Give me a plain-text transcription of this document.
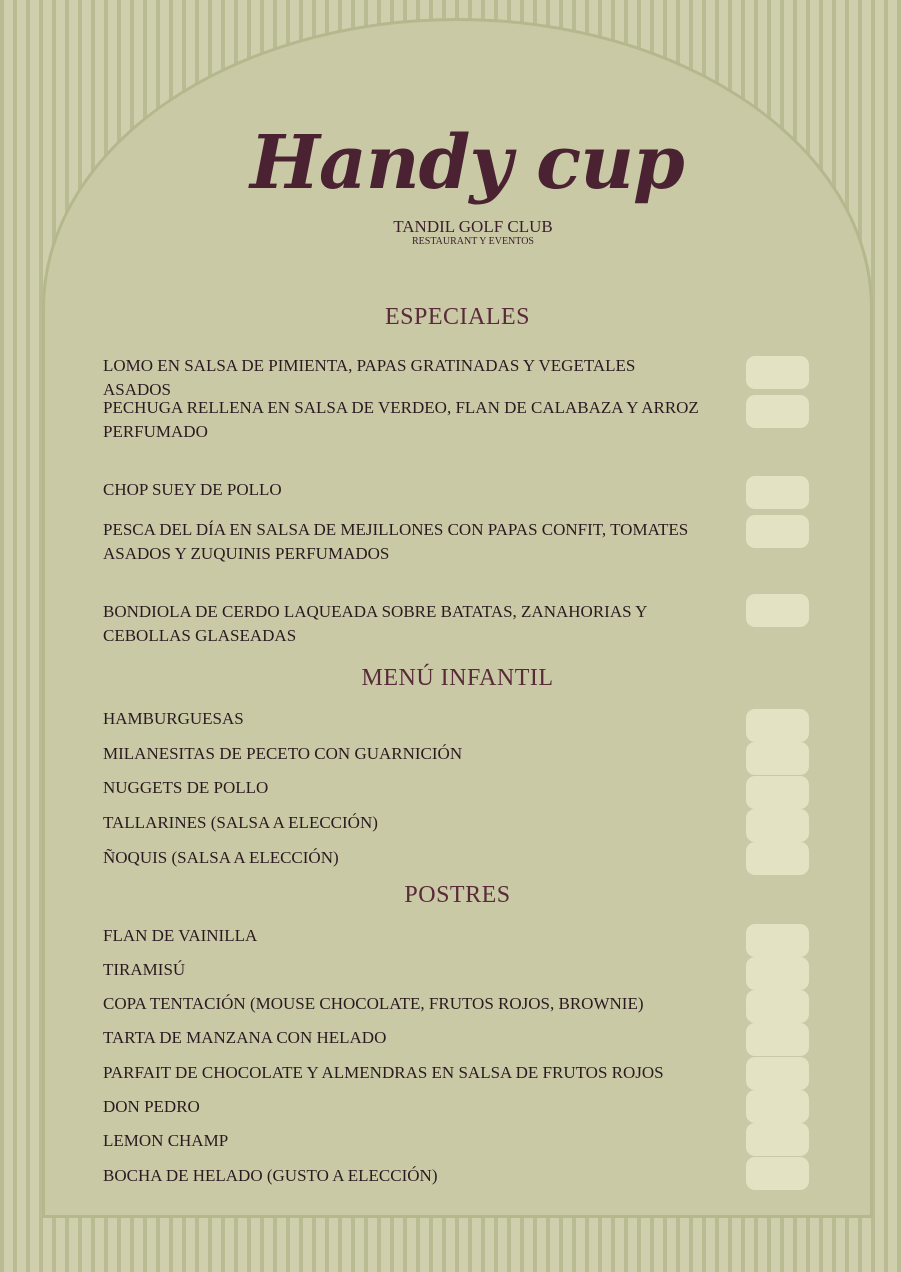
Handy cup
TANDIL GOLF CLUB
RESTAURANT Y EVENTOS
ESPECIALES
LOMO EN SALSA DE PIMIENTA, PAPAS GRATINADAS Y VEGETALES ASADOS
PECHUGA RELLENA EN SALSA DE VERDEO, FLAN DE CALABAZA Y ARROZ PERFUMADO
CHOP SUEY DE POLLO
PESCA DEL DÍA EN SALSA DE MEJILLONES CON PAPAS CONFIT, TOMATES ASADOS Y ZUQUINIS PERFUMADOS
BONDIOLA DE CERDO LAQUEADA SOBRE BATATAS, ZANAHORIAS Y CEBOLLAS GLASEADAS
MENÚ INFANTIL
HAMBURGUESAS
MILANESITAS DE PECETO CON GUARNICIÓN
NUGGETS DE POLLO
TALLARINES (SALSA A ELECCIÓN)
ÑOQUIS (SALSA A ELECCIÓN)
POSTRES
FLAN DE VAINILLA
TIRAMISÚ
COPA TENTACIÓN (MOUSE CHOCOLATE, FRUTOS ROJOS, BROWNIE)
TARTA DE MANZANA CON HELADO
PARFAIT DE CHOCOLATE Y ALMENDRAS EN SALSA DE FRUTOS ROJOS
DON PEDRO
LEMON CHAMP
BOCHA DE HELADO (GUSTO A ELECCIÓN)
